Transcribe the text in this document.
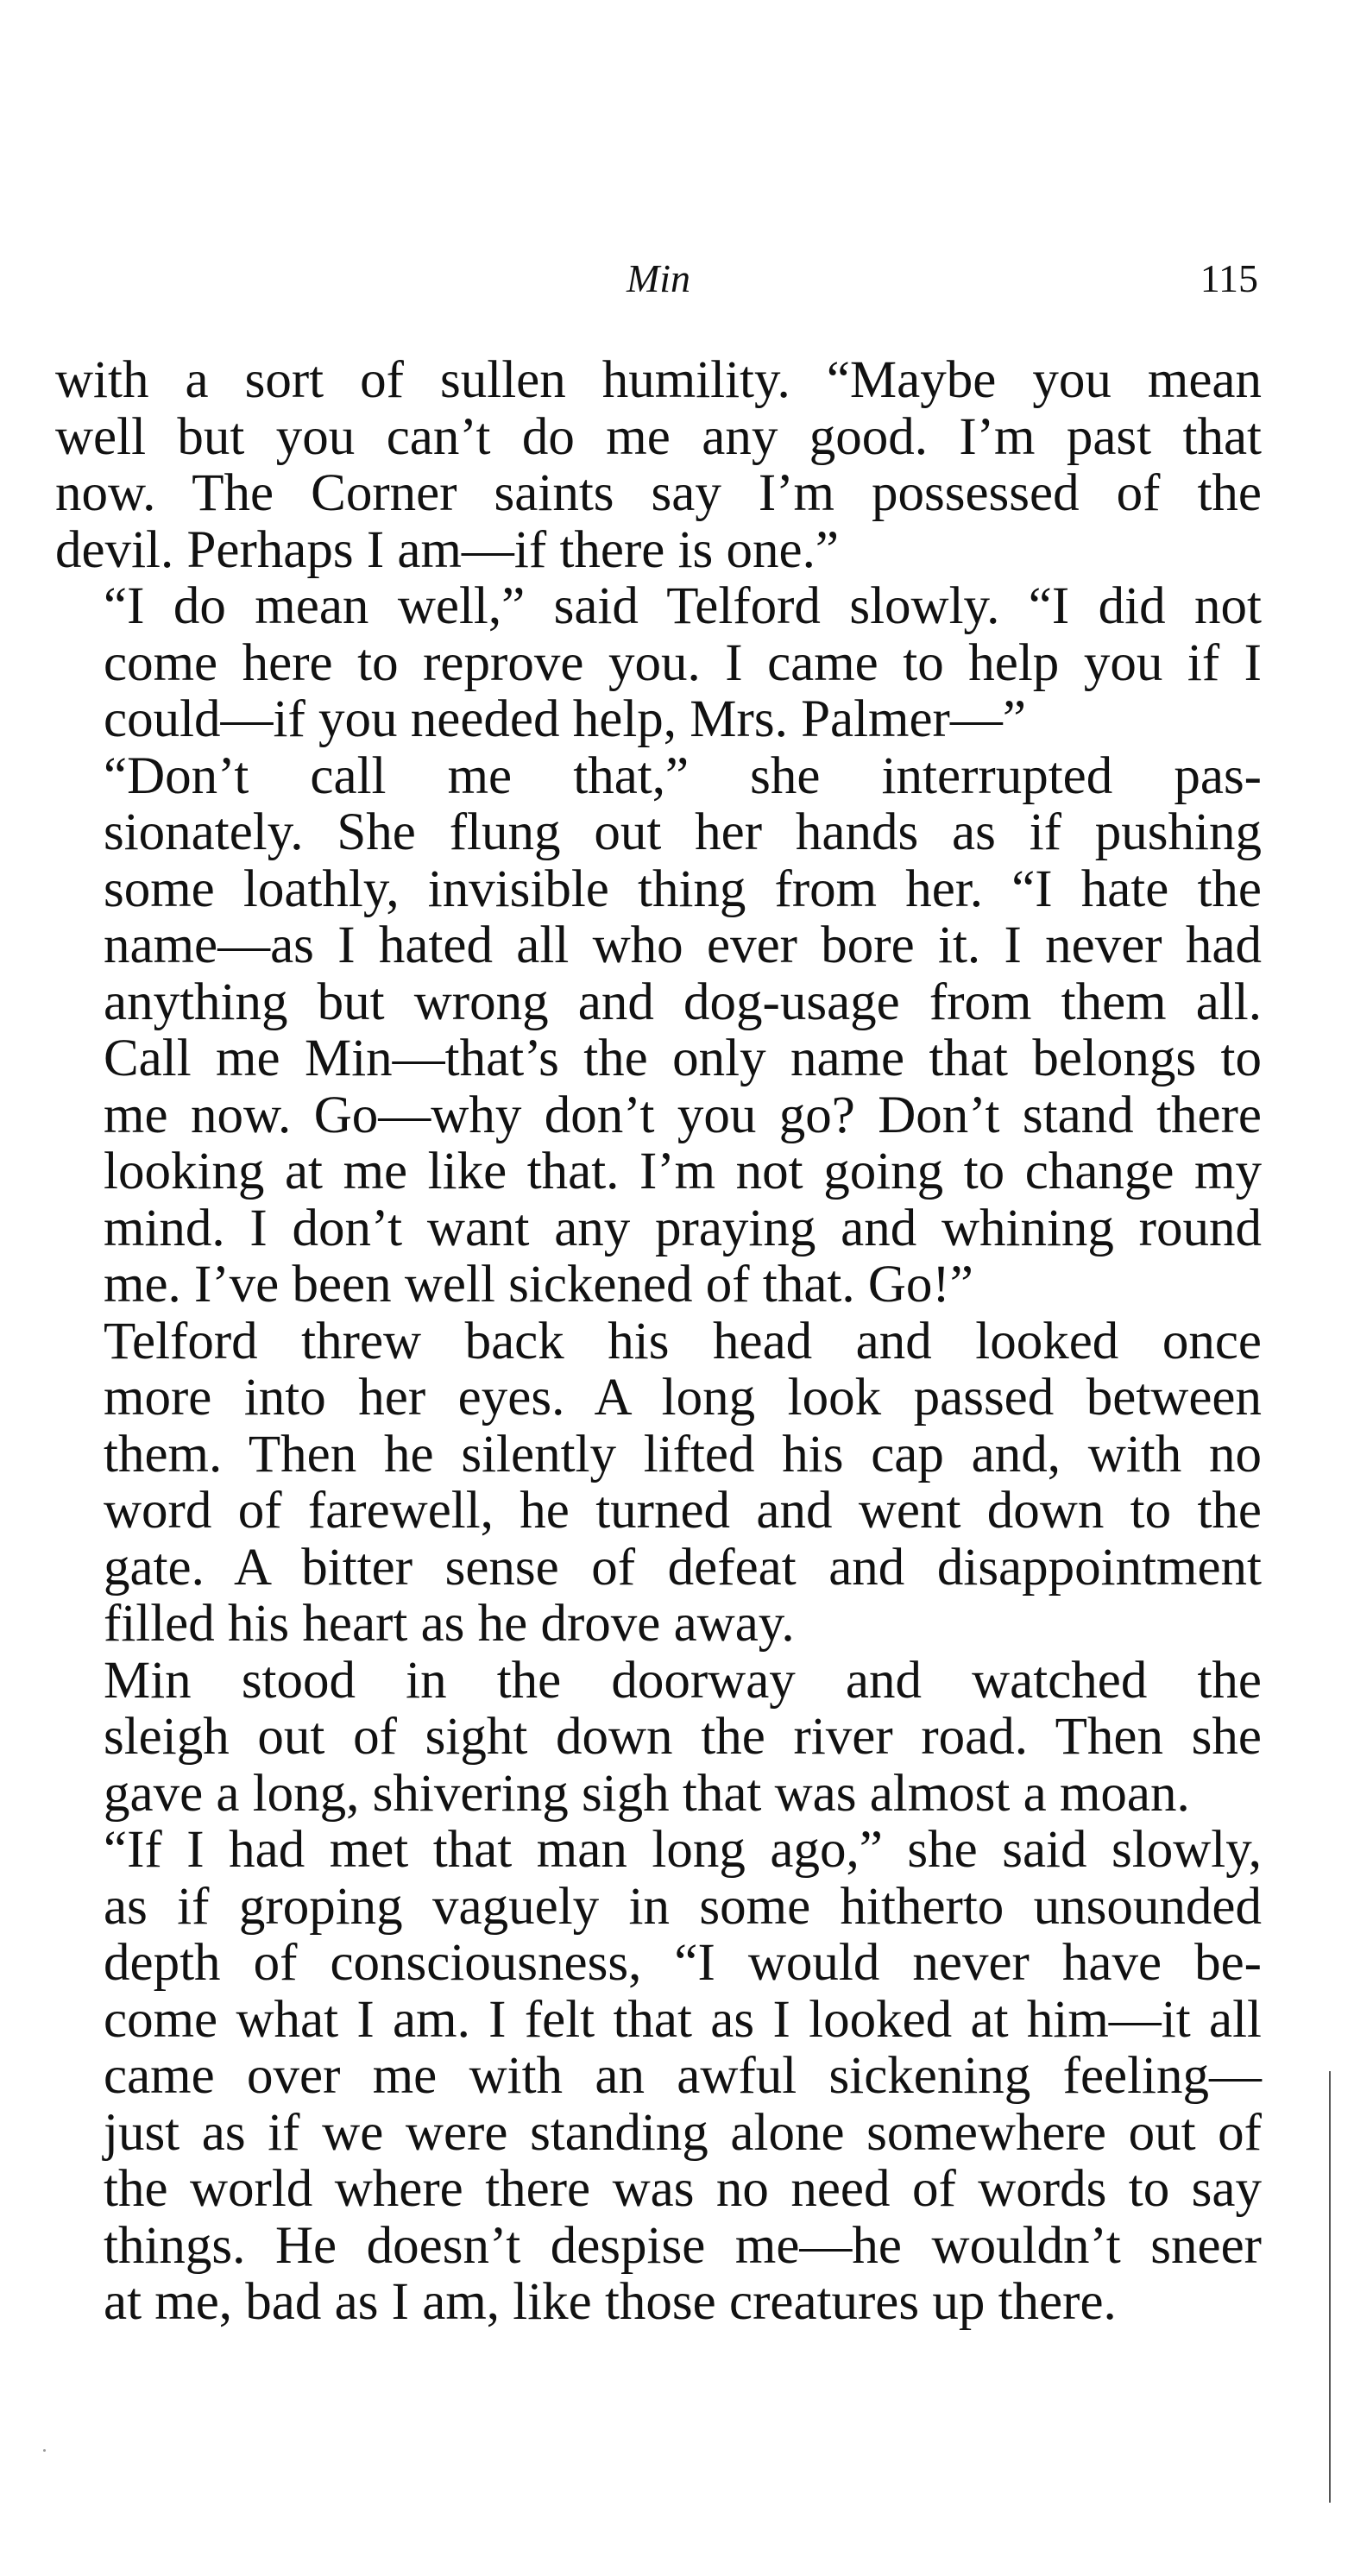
Min	115

with a sort of sullen humility. “Maybe you mean
well but you can’t do me any good. I’m past that
now. The Corner saints say I’m possessed of the
devil. Perhaps I am—if there is one.”

“I do mean well,” said Telford slowly. “I did not
come here to reprove you. I came to help you if I
could—if you needed help, Mrs. Palmer—”

“Don’t call me that,” she interrupted pas-
sionately. She flung out her hands as if pushing
some loathly, invisible thing from her. “I hate the
name—as I hated all who ever bore it. I never had
anything but wrong and dog-usage from them all.
Call me Min—that’s the only name that belongs to
me now. Go—why don’t you go? Don’t stand there
looking at me like that. I’m not going to change my
mind. I don’t want any praying and whining round
me. I’ve been well sickened of that. Go!”

Telford threw back his head and looked once
more into her eyes. A long look passed between
them. Then he silently lifted his cap and, with no
word of farewell, he turned and went down to the
gate. A bitter sense of defeat and disappointment
filled his heart as he drove away.

Min stood in the doorway and watched the
sleigh out of sight down the river road. Then she
gave a long, shivering sigh that was almost a moan.

“If I had met that man long ago,” she said slowly,
as if groping vaguely in some hitherto unsounded
depth of consciousness, “I would never have be-
come what I am. I felt that as I looked at him—it all
came over me with an awful sickening feeling—
just as if we were standing alone somewhere out of
the world where there was no need of words to say
things. He doesn’t despise me—he wouldn’t sneer
at me, bad as I am, like those creatures up there.
